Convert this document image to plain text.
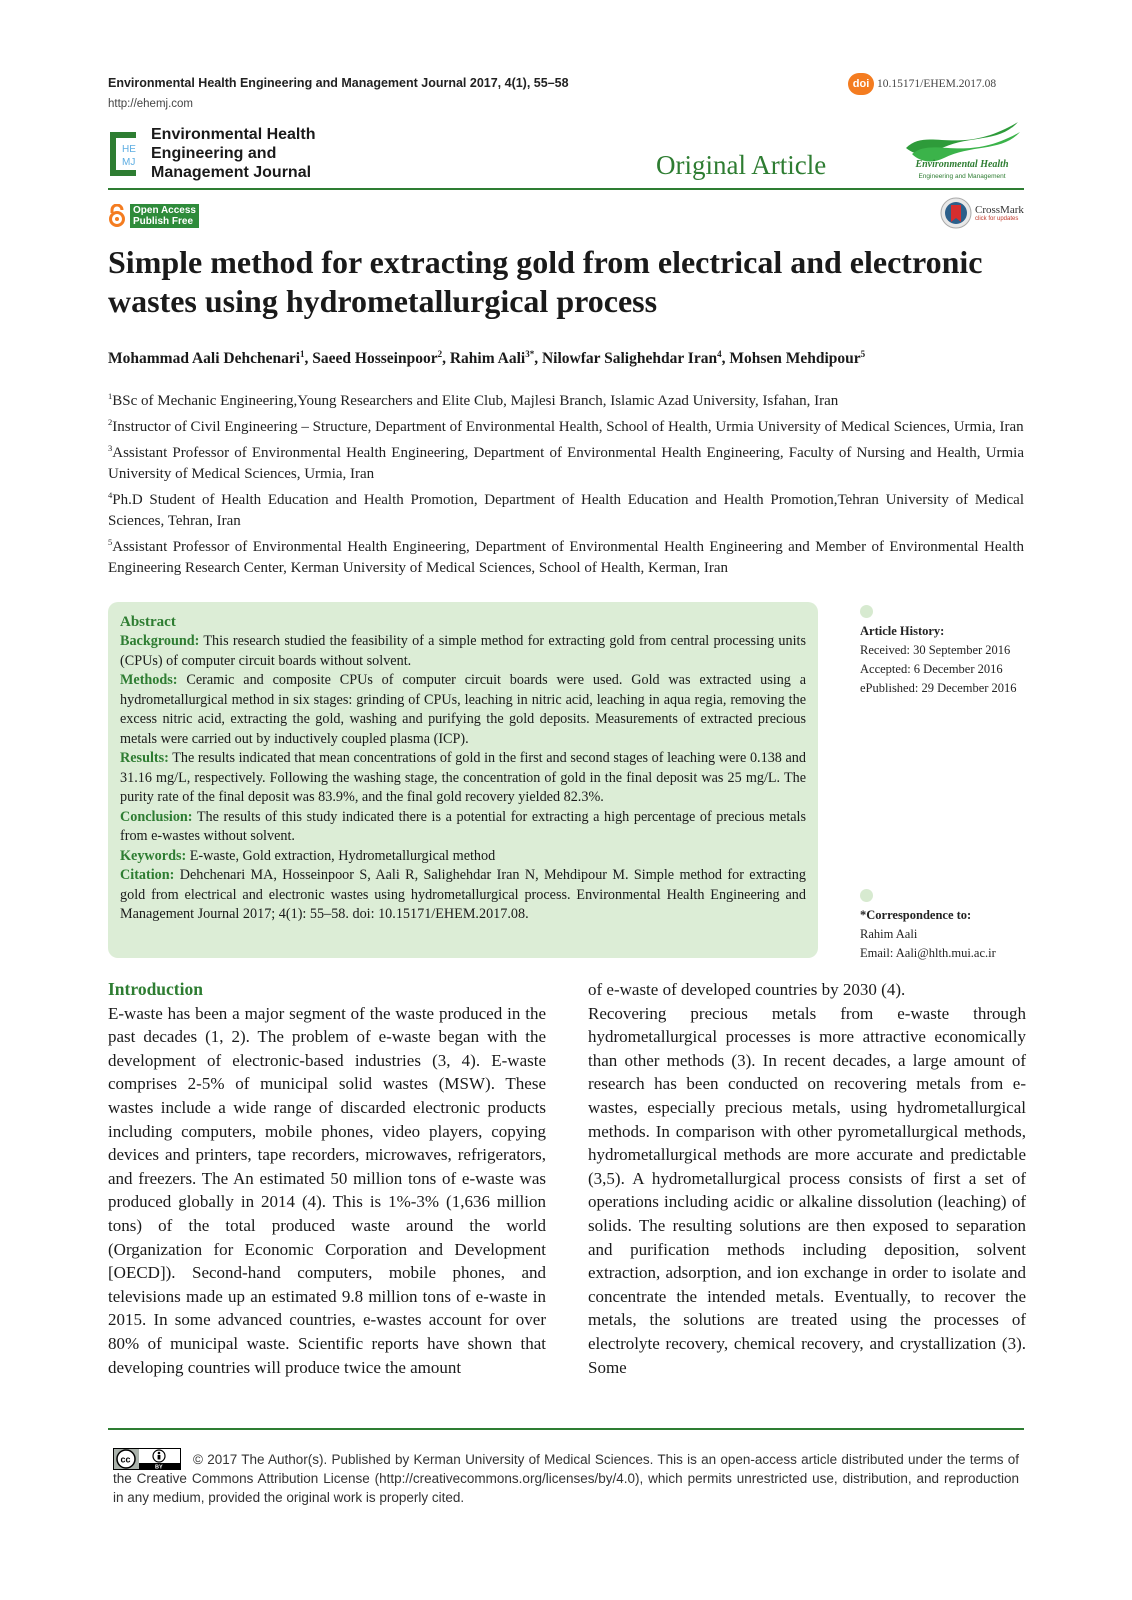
Environmental Health Engineering and Management Journal 2017, 4(1), 55–58
http://ehemj.com
doi 10.15171/EHEM.2017.08
HE
MJ
Environmental Health Engineering and Management Journal	Original Article	Environmental Health
Engineering and Management
Open Access
Publish Free
CrossMark
click for updates
Simple method for extracting gold from electrical and electronic wastes using hydrometallurgical process
Mohammad Aali Dehchenari$^1$, Saeed Hosseinpoor$^2$, Rahim Aali$^{3*}$, Nilowfar Salighehdar Iran$^4$, Mohsen Mehdipour$^5$

$^1$BSc of Mechanic Engineering,Young Researchers and Elite Club, Majlesi Branch, Islamic Azad University, Isfahan, Iran

$^2$Instructor of Civil Engineering – Structure, Department of Environmental Health, School of Health, Urmia University of Medical Sciences, Urmia, Iran

$^3$Assistant Professor of Environmental Health Engineering, Department of Environmental Health Engineering, Faculty of Nursing and Health, Urmia University of Medical Sciences, Urmia, Iran

$^4$Ph.D Student of Health Education and Health Promotion, Department of Health Education and Health Promotion,Tehran University of Medical Sciences, Tehran, Iran

$^5$Assistant Professor of Environmental Health Engineering, Department of Environmental Health Engineering and Member of Environmental Health Engineering Research Center, Kerman University of Medical Sciences, School of Health, Kerman, Iran

Abstract

Background: This research studied the feasibility of a simple method for extracting gold from central processing units (CPUs) of computer circuit boards without solvent.

Methods: Ceramic and composite CPUs of computer circuit boards were used. Gold was extracted using a hydrometallurgical method in six stages: grinding of CPUs, leaching in nitric acid, leaching in aqua regia, removing the excess nitric acid, extracting the gold, washing and purifying the gold deposits. Measurements of extracted precious metals were carried out by inductively coupled plasma (ICP).

Results: The results indicated that mean concentrations of gold in the first and second stages of leaching were 0.138 and 31.16 mg/L, respectively. Following the washing stage, the concentration of gold in the final deposit was 25 mg/L. The purity rate of the final deposit was 83.9%, and the final gold recovery yielded 82.3%.

Conclusion: The results of this study indicated there is a potential for extracting a high percentage of precious metals from e-wastes without solvent.

Keywords: E-waste, Gold extraction, Hydrometallurgical method

Citation: Dehchenari MA, Hosseinpoor S, Aali R, Salighehdar Iran N, Mehdipour M. Simple method for extracting gold from electrical and electronic wastes using hydrometallurgical process. Environmental Health Engineering and Management Journal 2017; 4(1): 55–58. doi: 10.15171/EHEM.2017.08.

Article History:
Received: 30 September 2016
Accepted: 6 December 2016
ePublished: 29 December 2016
*Correspondence to:
Rahim Aali
Email: Aali@hlth.mui.ac.ir

Introduction

E-waste has been a major segment of the waste produced in the past decades (1, 2). The problem of e-waste began with the development of electronic-based industries (3, 4). E-waste comprises 2-5% of municipal solid wastes (MSW). These wastes include a wide range of discarded electronic products including computers, mobile phones, video players, copying devices and printers, tape recorders, microwaves, refrigerators, and freezers. The An estimated 50 million tons of e-waste was produced globally in 2014 (4). This is 1%-3% (1,636 million tons) of the total produced waste around the world (Organization for Economic Corporation and Development [OECD]). Second-hand computers, mobile phones, and televisions made up an estimated 9.8 million tons of e-waste in 2015. In some advanced countries, e-wastes account for over 80% of municipal waste. Scientific reports have shown that developing countries will produce twice the amount

of e-waste of developed countries by 2030 (4).

Recovering precious metals from e-waste through hydrometallurgical processes is more attractive economically than other methods (3). In recent decades, a large amount of research has been conducted on recovering metals from e-wastes, especially precious metals, using hydrometallurgical methods. In comparison with other pyrometallurgical methods, hydrometallurgical methods are more accurate and predictable (3,5). A hydrometallurgical process consists of first a set of operations including acidic or alkaline dissolution (leaching) of solids. The resulting solutions are then exposed to separation and purification methods including deposition, solvent extraction, adsorption, and ion exchange in order to isolate and concentrate the intended metals. Eventually, to recover the metals, the solutions are treated using the processes of electrolyte recovery, chemical recovery, and crystallization (3). Some

cc
BY
© 2017 The Author(s). Published by Kerman University of Medical Sciences. This is an open-access article distributed under the terms of the Creative Commons Attribution License (http://creativecommons.org/licenses/by/4.0), which permits unrestricted use, distribution, and reproduction in any medium, provided the original work is properly cited.
